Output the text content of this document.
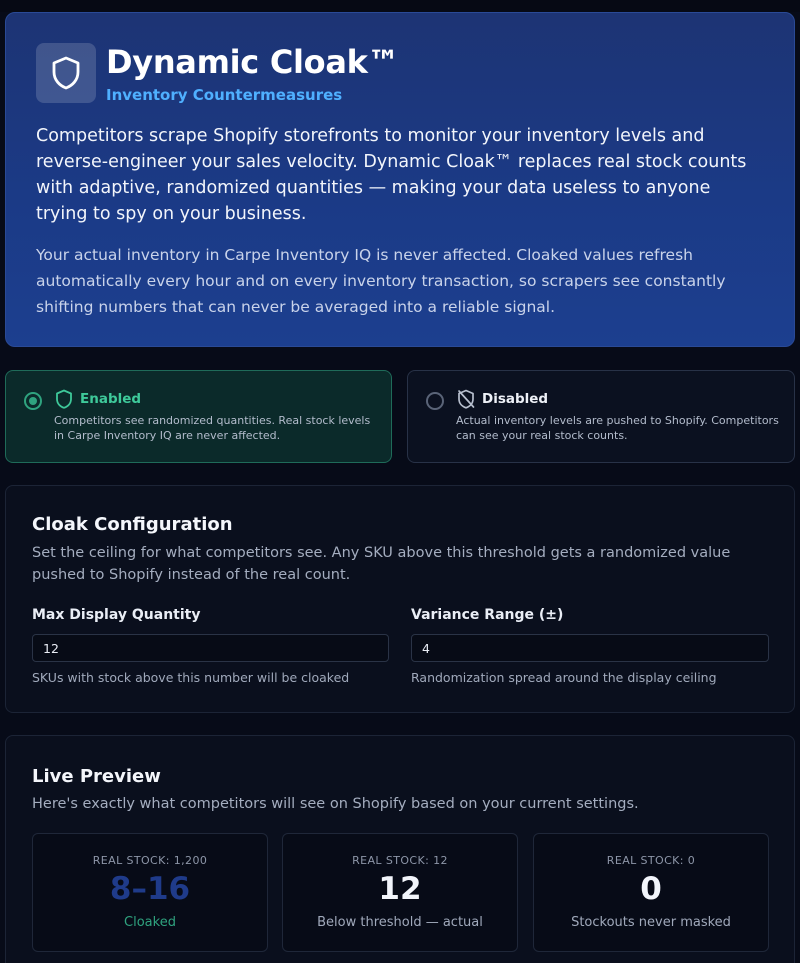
Dynamic Cloak™
Inventory Countermeasures

Competitors scrape Shopify storefronts to monitor your inventory levels and reverse-engineer your sales velocity. Dynamic Cloak™ replaces real stock counts with adaptive, randomized quantities — making your data useless to anyone trying to spy on your business.

Your actual inventory in Carpe Inventory IQ is never affected. Cloaked values refresh automatically every hour and on every inventory transaction, so scrapers see constantly shifting numbers that can never be averaged into a reliable signal.

Enabled
Competitors see randomized quantities. Real stock levels in Carpe Inventory IQ are never affected.
Disabled
Actual inventory levels are pushed to Shopify. Competitors can see your real stock counts.
Cloak Configuration
Set the ceiling for what competitors see. Any SKU above this threshold gets a randomized value pushed to Shopify instead of the real count.
Max Display Quantity
12
SKUs with stock above this number will be cloaked
Variance Range (±)
4
Randomization spread around the display ceiling
Live Preview
Here's exactly what competitors will see on Shopify based on your current settings.
REAL STOCK: 1,200
8–16
Cloaked
REAL STOCK: 12
12
Below threshold — actual
REAL STOCK: 0
0
Stockouts never masked
